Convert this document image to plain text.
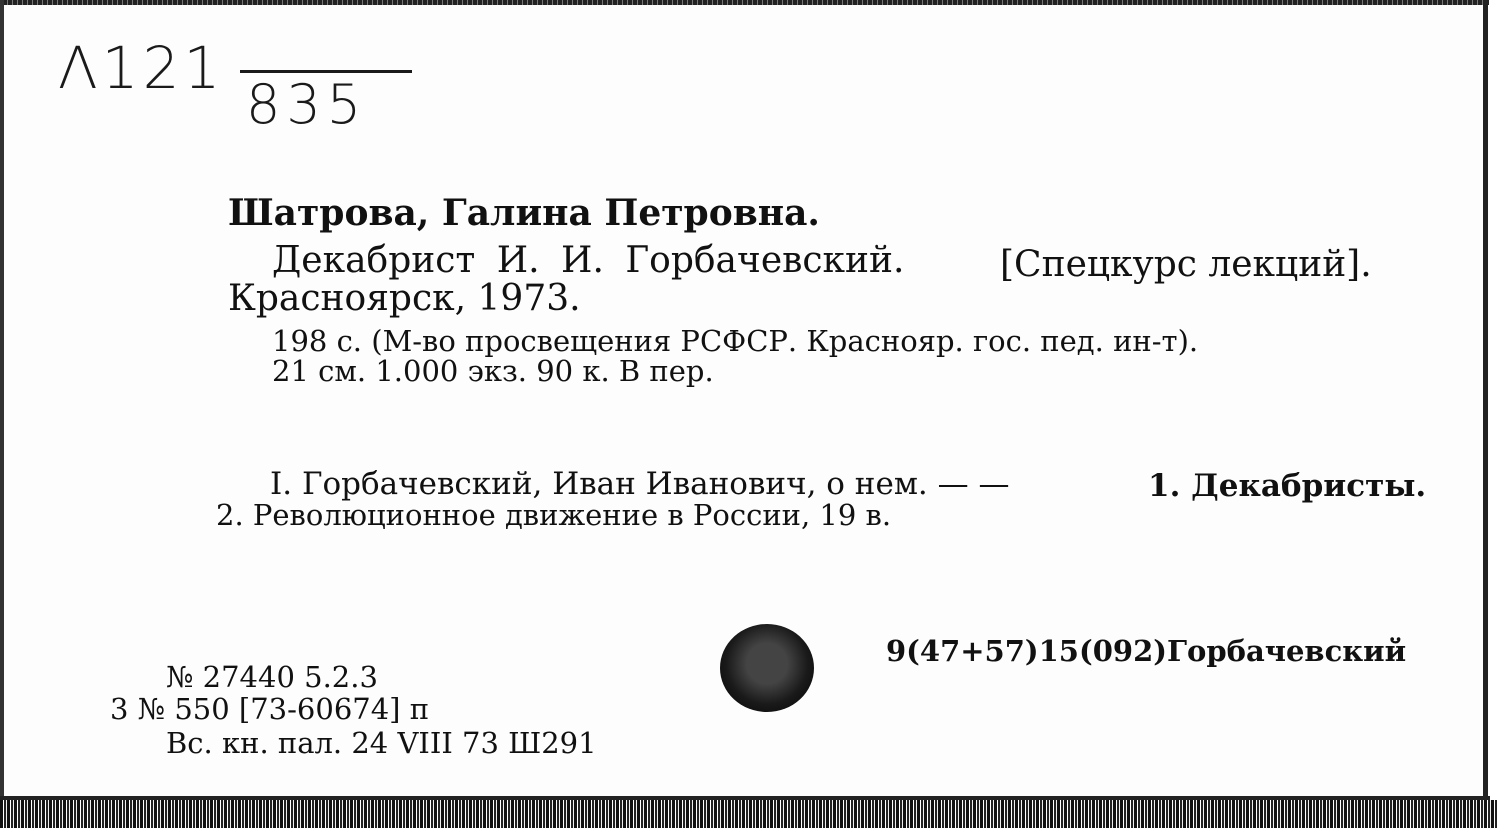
Λ121
835
Шатрова, Галина Петровна.
Декабрист И. И. Горбачевский.	[Спецкурс лекций].
Красноярск, 1973.
198 с. (М-во просвещения РСФСР. Краснояр. гос. пед. ин-т).
21 см. 1.000 экз. 90 к. В пер.
I. Горбачевский, Иван Иванович, о нем. — —	1. Декабристы.
2. Революционное движение в России, 19 в.
9(47+57)15(092)Горбачевский
№ 27440 5.2.3
3 № 550 [73-60674] п
Вс. кн. пал. 24 VIII 73 Ш291
